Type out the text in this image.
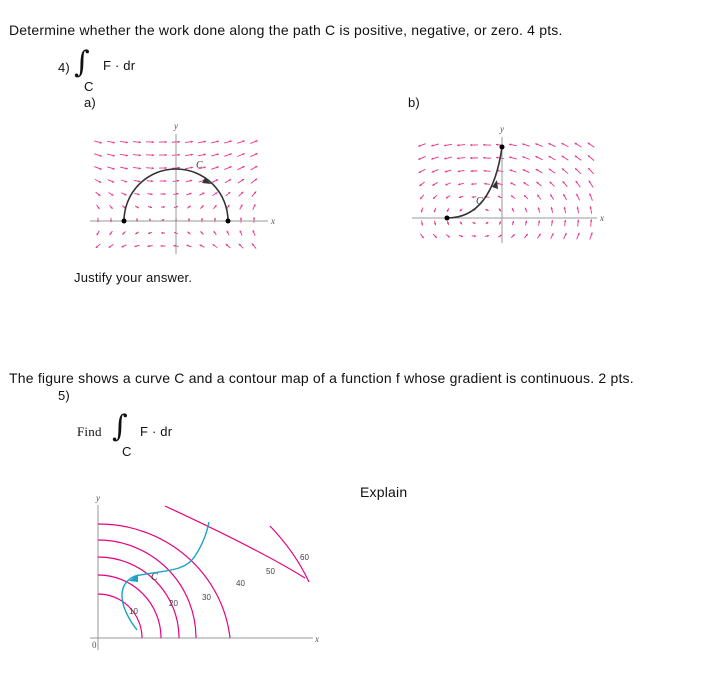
Determine whether the work done along the path C is positive, negative, or zero. 4 pts.
4) ∫ F · dr
C
a)	b)
x
y
C
Justify your answer.
x
y
C
The figure shows a curve C and a contour map of a function f whose gradient is continuous. 2 pts.
5)
Find ∫ F · dr
C
Explain
y
x
0
C
10
20
30
40
50
60
